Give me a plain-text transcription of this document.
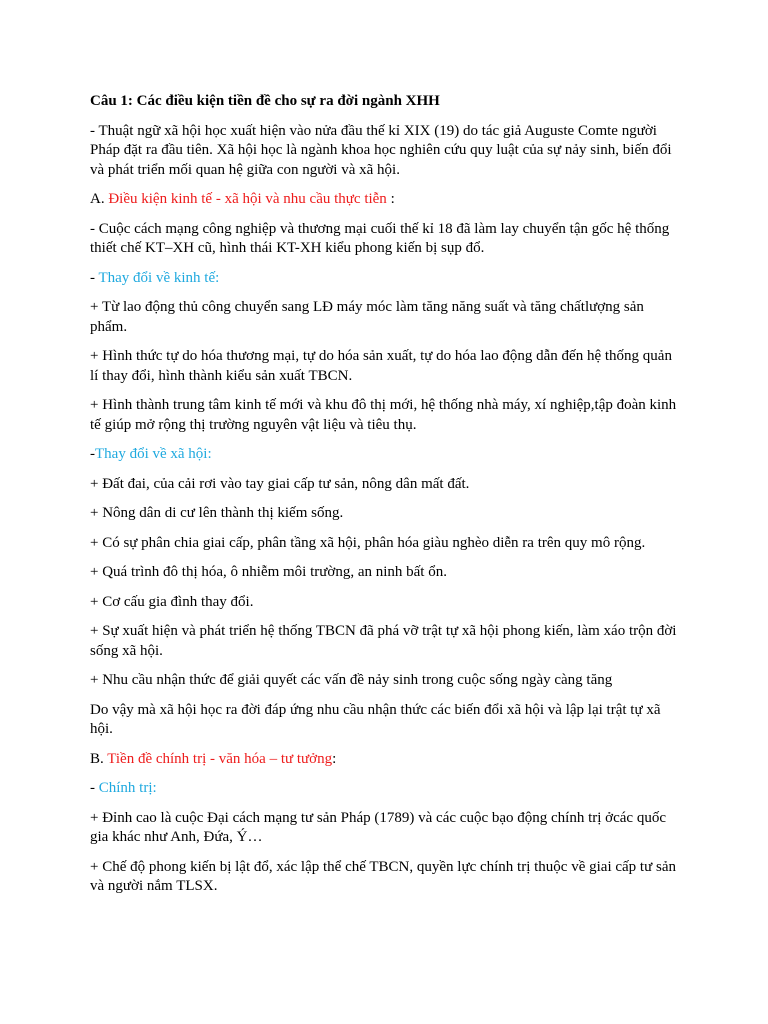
Câu 1: Các điều kiện tiền đề cho sự ra đời ngành XHH

- Thuật ngữ xã hội học xuất hiện vào nửa đầu thế kỉ XIX (19) do tác giả Auguste Comte người Pháp đặt ra đầu tiên. Xã hội học là ngành khoa học nghiên cứu quy luật của sự nảy sinh, biến đổi và phát triển mối quan hệ giữa con người và xã hội.

A. Điều kiện kinh tế - xã hội và nhu cầu thực tiễn :

- Cuộc cách mạng công nghiệp và thương mại cuối thế kỉ 18 đã làm lay chuyển tận gốc hệ thống thiết chế KT–XH cũ, hình thái KT-XH kiểu phong kiến bị sụp đổ.

- Thay đổi về kinh tế:

+ Từ lao động thủ công chuyển sang LĐ máy móc làm tăng năng suất và tăng chấtlượng sản phẩm.

+ Hình thức tự do hóa thương mại, tự do hóa sản xuất, tự do hóa lao động dẫn đến hệ thống quản lí thay đổi, hình thành kiểu sản xuất TBCN.

+ Hình thành trung tâm kinh tế mới và khu đô thị mới, hệ thống nhà máy, xí nghiệp,tập đoàn kinh tế giúp mở rộng thị trường nguyên vật liệu và tiêu thụ.

-Thay đổi về xã hội:

+ Đất đai, của cải rơi vào tay giai cấp tư sản, nông dân mất đất.

+ Nông dân di cư lên thành thị kiếm sống.

+ Có sự phân chia giai cấp, phân tầng xã hội, phân hóa giàu nghèo diễn ra trên quy mô rộng.

+ Quá trình đô thị hóa, ô nhiễm môi trường, an ninh bất ổn.

+ Cơ cấu gia đình thay đổi.

+ Sự xuất hiện và phát triển hệ thống TBCN đã phá vỡ trật tự xã hội phong kiến, làm xáo trộn đời sống xã hội.

+ Nhu cầu nhận thức để giải quyết các vấn đề nảy sinh trong cuộc sống ngày càng tăng

Do vậy mà xã hội học ra đời đáp ứng nhu cầu nhận thức các biến đổi xã hội và lập lại trật tự xã hội.

B. Tiền đề chính trị - văn hóa – tư tưởng:

- Chính trị:

+ Đỉnh cao là cuộc Đại cách mạng tư sản Pháp (1789) và các cuộc bạo động chính trị ởcác quốc gia khác như Anh, Đứa, Ý…

+ Chế độ phong kiến bị lật đổ, xác lập thể chế TBCN, quyền lực chính trị thuộc về giai cấp tư sản và người nắm TLSX.
